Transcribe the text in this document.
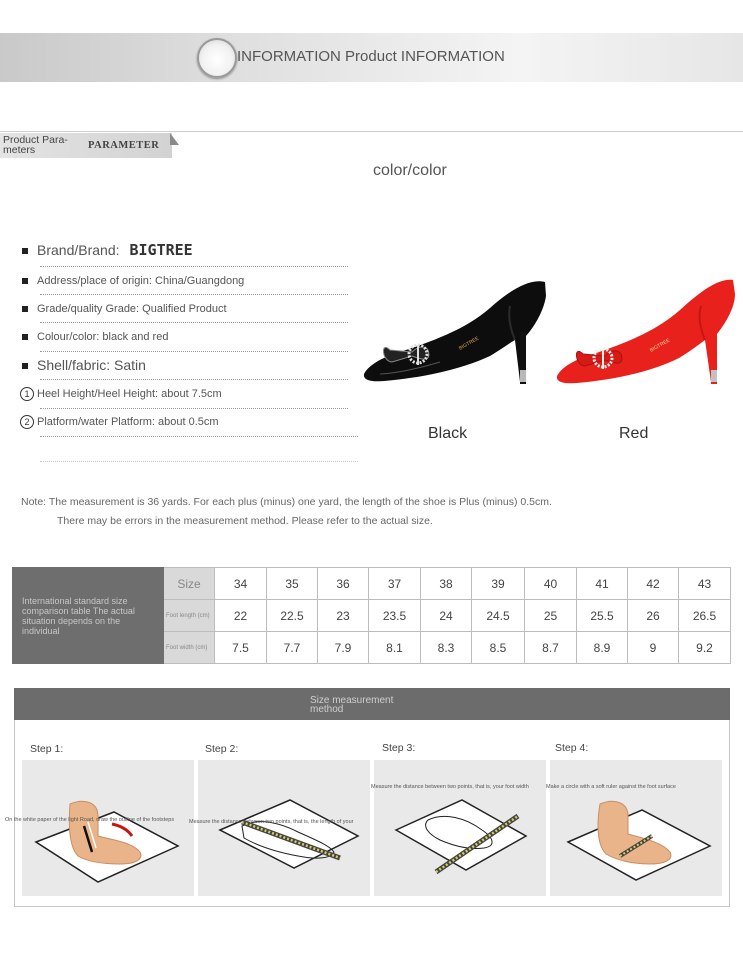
INFORMATION Product INFORMATION
Product Para-meters	PARAMETER
color/color
Brand/Brand: BIGTREE
Address/place of origin: China/Guangdong
Grade/quality Grade: Qualified Product
Colour/color: black and red
Shell/fabric: Satin
1 Heel Height/Heel Height: about 7.5cm
2 Platform/water Platform: about 0.5cm
BIGTREE	BIGTREE
Black	Red
Note: The measurement is 36 yards. For each plus (minus) one yard, the length of the shoe is Plus (minus) 0.5cm.
There may be errors in the measurement method. Please refer to the actual size.
International standard size comparison table The actual situation depends on the individual	Size	34	35	36	37	38	39	40	41	42	43
	Foot length (cm)	22	22.5	23	23.5	24	24.5	25	25.5	26	26.5
	Foot width (cm)	7.5	7.7	7.9	8.1	8.3	8.5	8.7	8.9	9	9.2
Size measurement method
Step 1:	Step 2:	Step 3:	Step 4:
On the white paper of the light Road, draw the outline of the footsteps	Measure the distance between two points, that is, the length of your
Measure the distance between two points, that is, your foot width	Make a circle with a soft ruler against the foot surface
